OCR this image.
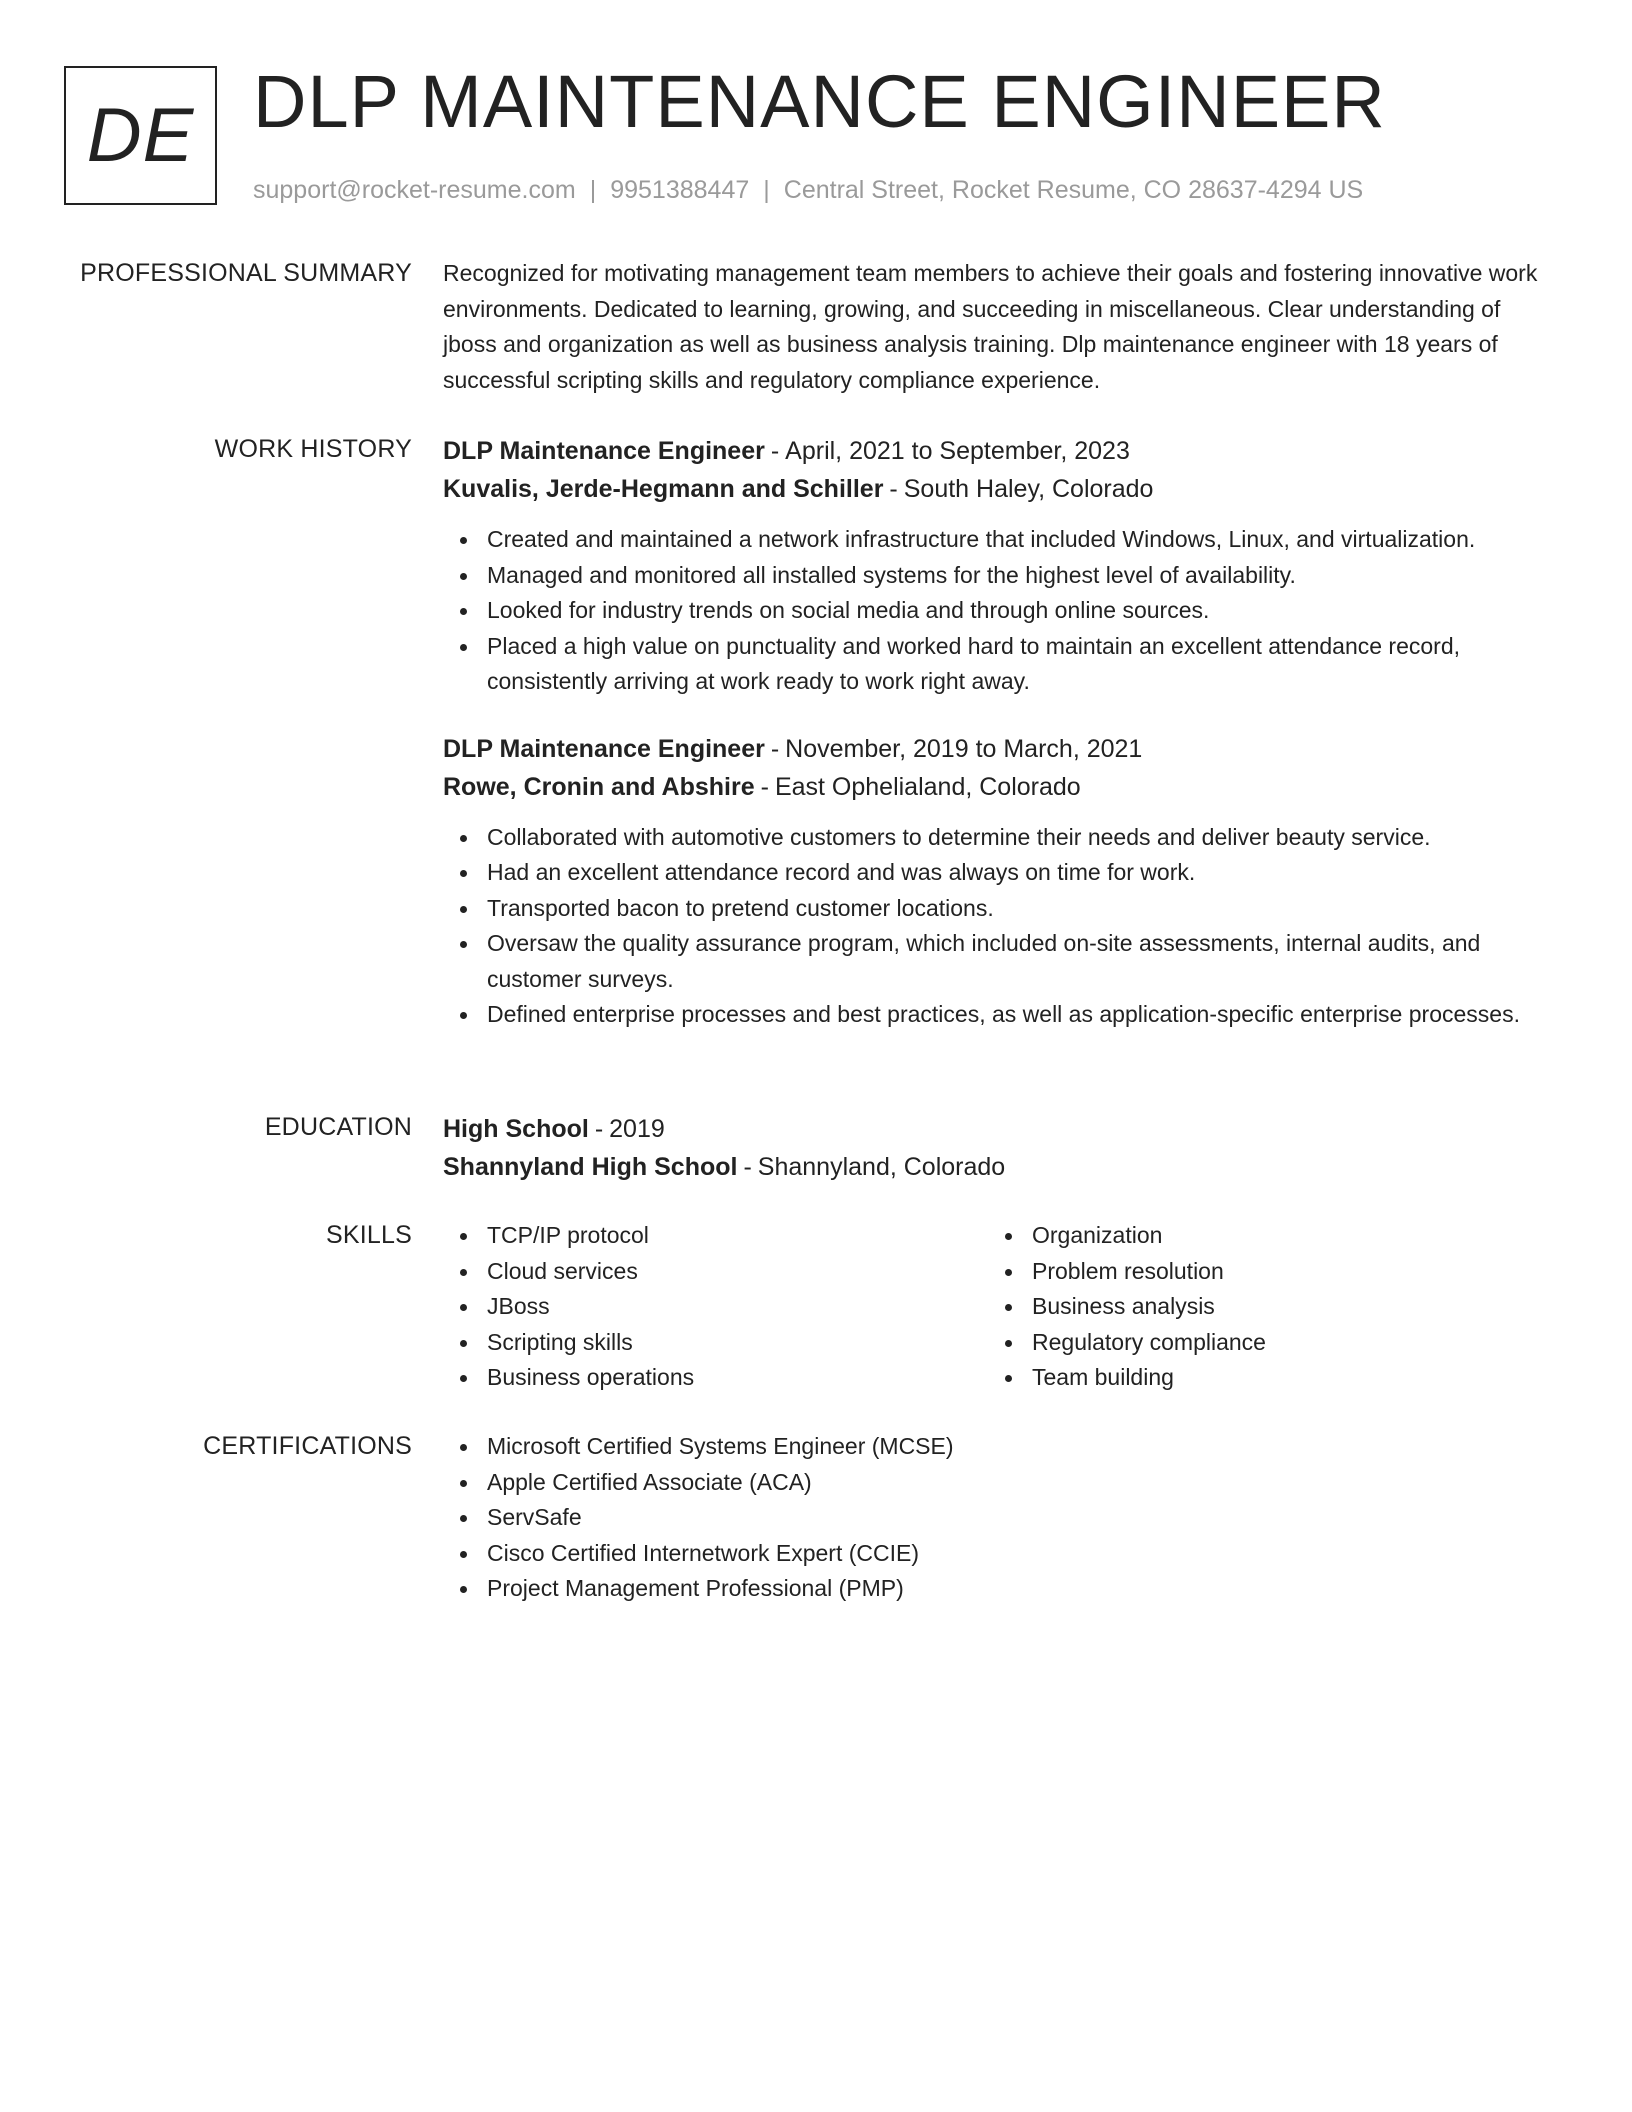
DE DLP MAINTENANCE ENGINEER
support@rocket-resume.com | 9951388447 | Central Street, Rocket Resume, CO 28637-4294 US
PROFESSIONAL SUMMARY Recognized for motivating management team members to achieve their goals and fostering innovative work environments. Dedicated to learning, growing, and succeeding in miscellaneous. Clear understanding of jboss and organization as well as business analysis training. Dlp maintenance engineer with 18 years of successful scripting skills and regulatory compliance experience.

WORK HISTORY DLP Maintenance Engineer - April, 2021 to September, 2023
Kuvalis, Jerde-Hegmann and Schiller - South Haley, Colorado
Created and maintained a network infrastructure that included Windows, Linux, and virtualization.
Managed and monitored all installed systems for the highest level of availability.
Looked for industry trends on social media and through online sources.
Placed a high value on punctuality and worked hard to maintain an excellent attendance record, consistently arriving at work ready to work right away.
DLP Maintenance Engineer - November, 2019 to March, 2021
Rowe, Cronin and Abshire - East Ophelialand, Colorado
Collaborated with automotive customers to determine their needs and deliver beauty service.
Had an excellent attendance record and was always on time for work.
Transported bacon to pretend customer locations.
Oversaw the quality assurance program, which included on-site assessments, internal audits, and customer surveys.
Defined enterprise processes and best practices, as well as application-specific enterprise processes.
EDUCATION High School - 2019
Shannyland High School - Shannyland, Colorado
SKILLS	TCP/IP protocol
Cloud services
JBoss
Scripting skills
Business operations
Organization
Problem resolution
Business analysis
Regulatory compliance
Team building
CERTIFICATIONS	Microsoft Certified Systems Engineer (MCSE)
Apple Certified Associate (ACA)
ServSafe
Cisco Certified Internetwork Expert (CCIE)
Project Management Professional (PMP)
